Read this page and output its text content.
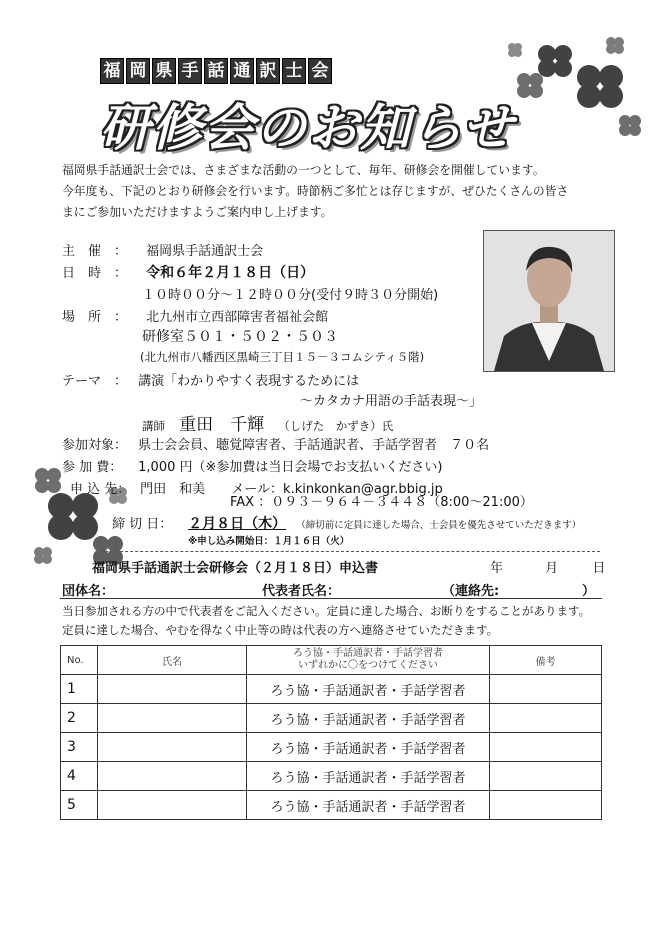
福 岡 県 手 話 通 訳 士 会
研修会のお知らせ
福岡県手話通訳士会では、さまざまな活動の一つとして、毎年、研修会を開催しています。
今年度も、下記のとおり研修会を行います。時節柄ご多忙とは存じますが、ぜひたくさんの皆さ
まにご参加いただけますようご案内申し上げます。
主　催　： 福岡県手話通訳士会
日　時　： 令和６年２月１８日（日）
１０時００分～１２時００分(受付９時３０分開始)
場　所　： 北九州市立西部障害者福祉会館
研修室５０１・５０２・５０３
(北九州市八幡西区黒崎三丁目１５－３コムシティ５階)
テーマ　： 講演「わかりやすく表現するためには
～カタカナ用語の手話表現～」
講師 重田　千輝 （しげた　かずき）氏
参加対象： 県士会会員、聴覚障害者、手話通訳者、手話学習者　７０名
参 加 費： 1,000 円（※参加費は当日会場でお支払いください)
申 込 先： 門田　和美 メール：k.kinkonkan@agr.bbig.jp
FAX ：０９３－９６４－３４４８（8:00～21:00）
締 切 日： ２月８日（木） （締切前に定員に達した場合、士会員を優先させていただきます）
※申し込み開始日：１月１６日（火）
福岡県手話通訳士会研修会（２月１８日）申込書	年	月	日
団体名：	代表者氏名：	（連絡先:	）
当日参加される方の中で代表者をご記入ください。定員に達した場合、お断りをすることがあります。
定員に達した場合、やむを得なく中止等の時は代表の方へ連絡させていただきます。
No.	氏名	ろう協・手話通訳者・手話学習者
いずれかに〇をつけてください	備考
1		ろう協・手話通訳者・手話学習者	
2		ろう協・手話通訳者・手話学習者	
3		ろう協・手話通訳者・手話学習者	
4		ろう協・手話通訳者・手話学習者	
5		ろう協・手話通訳者・手話学習者	
